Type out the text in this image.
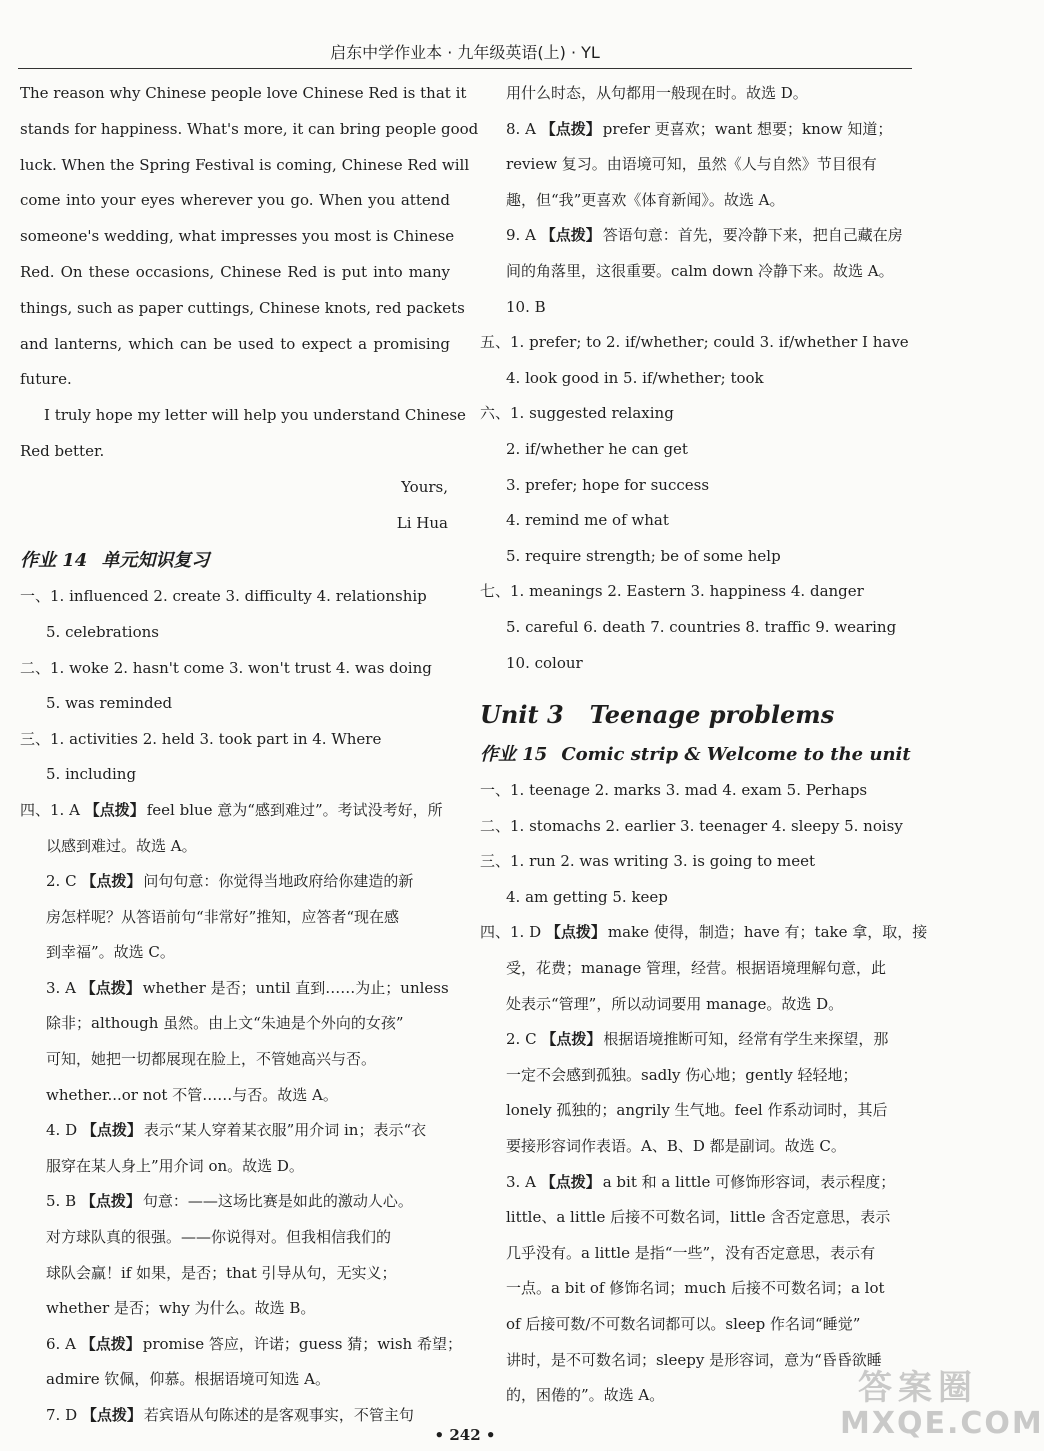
启东中学作业本 · 九年级英语(上) · YL
The reason why Chinese people love Chinese Red is that it
stands for happiness. What's more, it can bring people good
luck. When the Spring Festival is coming, Chinese Red will
come into your eyes wherever you go. When you attend
someone's wedding, what impresses you most is Chinese
Red. On these occasions, Chinese Red is put into many
things, such as paper cuttings, Chinese knots, red packets
and lanterns, which can be used to expect a promising
future.
I truly hope my letter will help you understand Chinese
Red better.
Yours,
Li Hua
作业 14 单元知识复习
一、1. influenced 2. create 3. difficulty 4. relationship
5. celebrations
二、1. woke 2. hasn't come 3. won't trust 4. was doing
5. was reminded
三、1. activities 2. held 3. took part in 4. Where
5. including
四、1. A 【点拨】 feel blue 意为“感到难过”。考试没考好，所
以感到难过。故选 A。
2. C 【点拨】 问句句意：你觉得当地政府给你建造的新
房怎样呢？从答语前句“非常好”推知，应答者“现在感
到幸福”。故选 C。
3. A 【点拨】 whether 是否；until 直到……为止；unless
除非；although 虽然。由上文“朱迪是个外向的女孩”
可知，她把一切都展现在脸上，不管她高兴与否。
whether...or not 不管……与否。故选 A。
4. D 【点拨】 表示“某人穿着某衣服”用介词 in；表示“衣
服穿在某人身上”用介词 on。故选 D。
5. B 【点拨】 句意：——这场比赛是如此的激动人心。
对方球队真的很强。——你说得对。但我相信我们的
球队会赢！if 如果，是否；that 引导从句，无实义；
whether 是否；why 为什么。故选 B。
6. A 【点拨】 promise 答应，许诺；guess 猜；wish 希望；
admire 钦佩，仰慕。根据语境可知选 A。
7. D 【点拨】 若宾语从句陈述的是客观事实，不管主句
用什么时态，从句都用一般现在时。故选 D。
8. A 【点拨】 prefer 更喜欢；want 想要；know 知道；
review 复习。由语境可知，虽然《人与自然》节目很有
趣，但“我”更喜欢《体育新闻》。故选 A。
9. A 【点拨】 答语句意：首先，要冷静下来，把自己藏在房
间的角落里，这很重要。calm down 冷静下来。故选 A。
10. B
五、1. prefer; to 2. if/whether; could 3. if/whether I have
4. look good in 5. if/whether; took
六、1. suggested relaxing
2. if/whether he can get
3. prefer; hope for success
4. remind me of what
5. require strength; be of some help
七、1. meanings 2. Eastern 3. happiness 4. danger
5. careful 6. death 7. countries 8. traffic 9. wearing
10. colour
Unit 3 Teenage problems
作业 15 Comic strip & Welcome to the unit
一、1. teenage 2. marks 3. mad 4. exam 5. Perhaps
二、1. stomachs 2. earlier 3. teenager 4. sleepy 5. noisy
三、1. run 2. was writing 3. is going to meet
4. am getting 5. keep
四、1. D 【点拨】 make 使得，制造；have 有；take 拿，取，接
受，花费；manage 管理，经营。根据语境理解句意，此
处表示“管理”，所以动词要用 manage。故选 D。
2. C 【点拨】 根据语境推断可知，经常有学生来探望，那
一定不会感到孤独。sadly 伤心地；gently 轻轻地；
lonely 孤独的；angrily 生气地。feel 作系动词时，其后
要接形容词作表语。A、B、D 都是副词。故选 C。
3. A 【点拨】 a bit 和 a little 可修饰形容词，表示程度；
little、a little 后接不可数名词，little 含否定意思，表示
几乎没有。a little 是指“一些”，没有否定意思，表示有
一点。a bit of 修饰名词；much 后接不可数名词；a lot
of 后接可数/不可数名词都可以。sleep 作名词“睡觉”
讲时，是不可数名词；sleepy 是形容词，意为“昏昏欲睡
的，困倦的”。故选 A。
• 242 •
答案圈
MXQE.COM
